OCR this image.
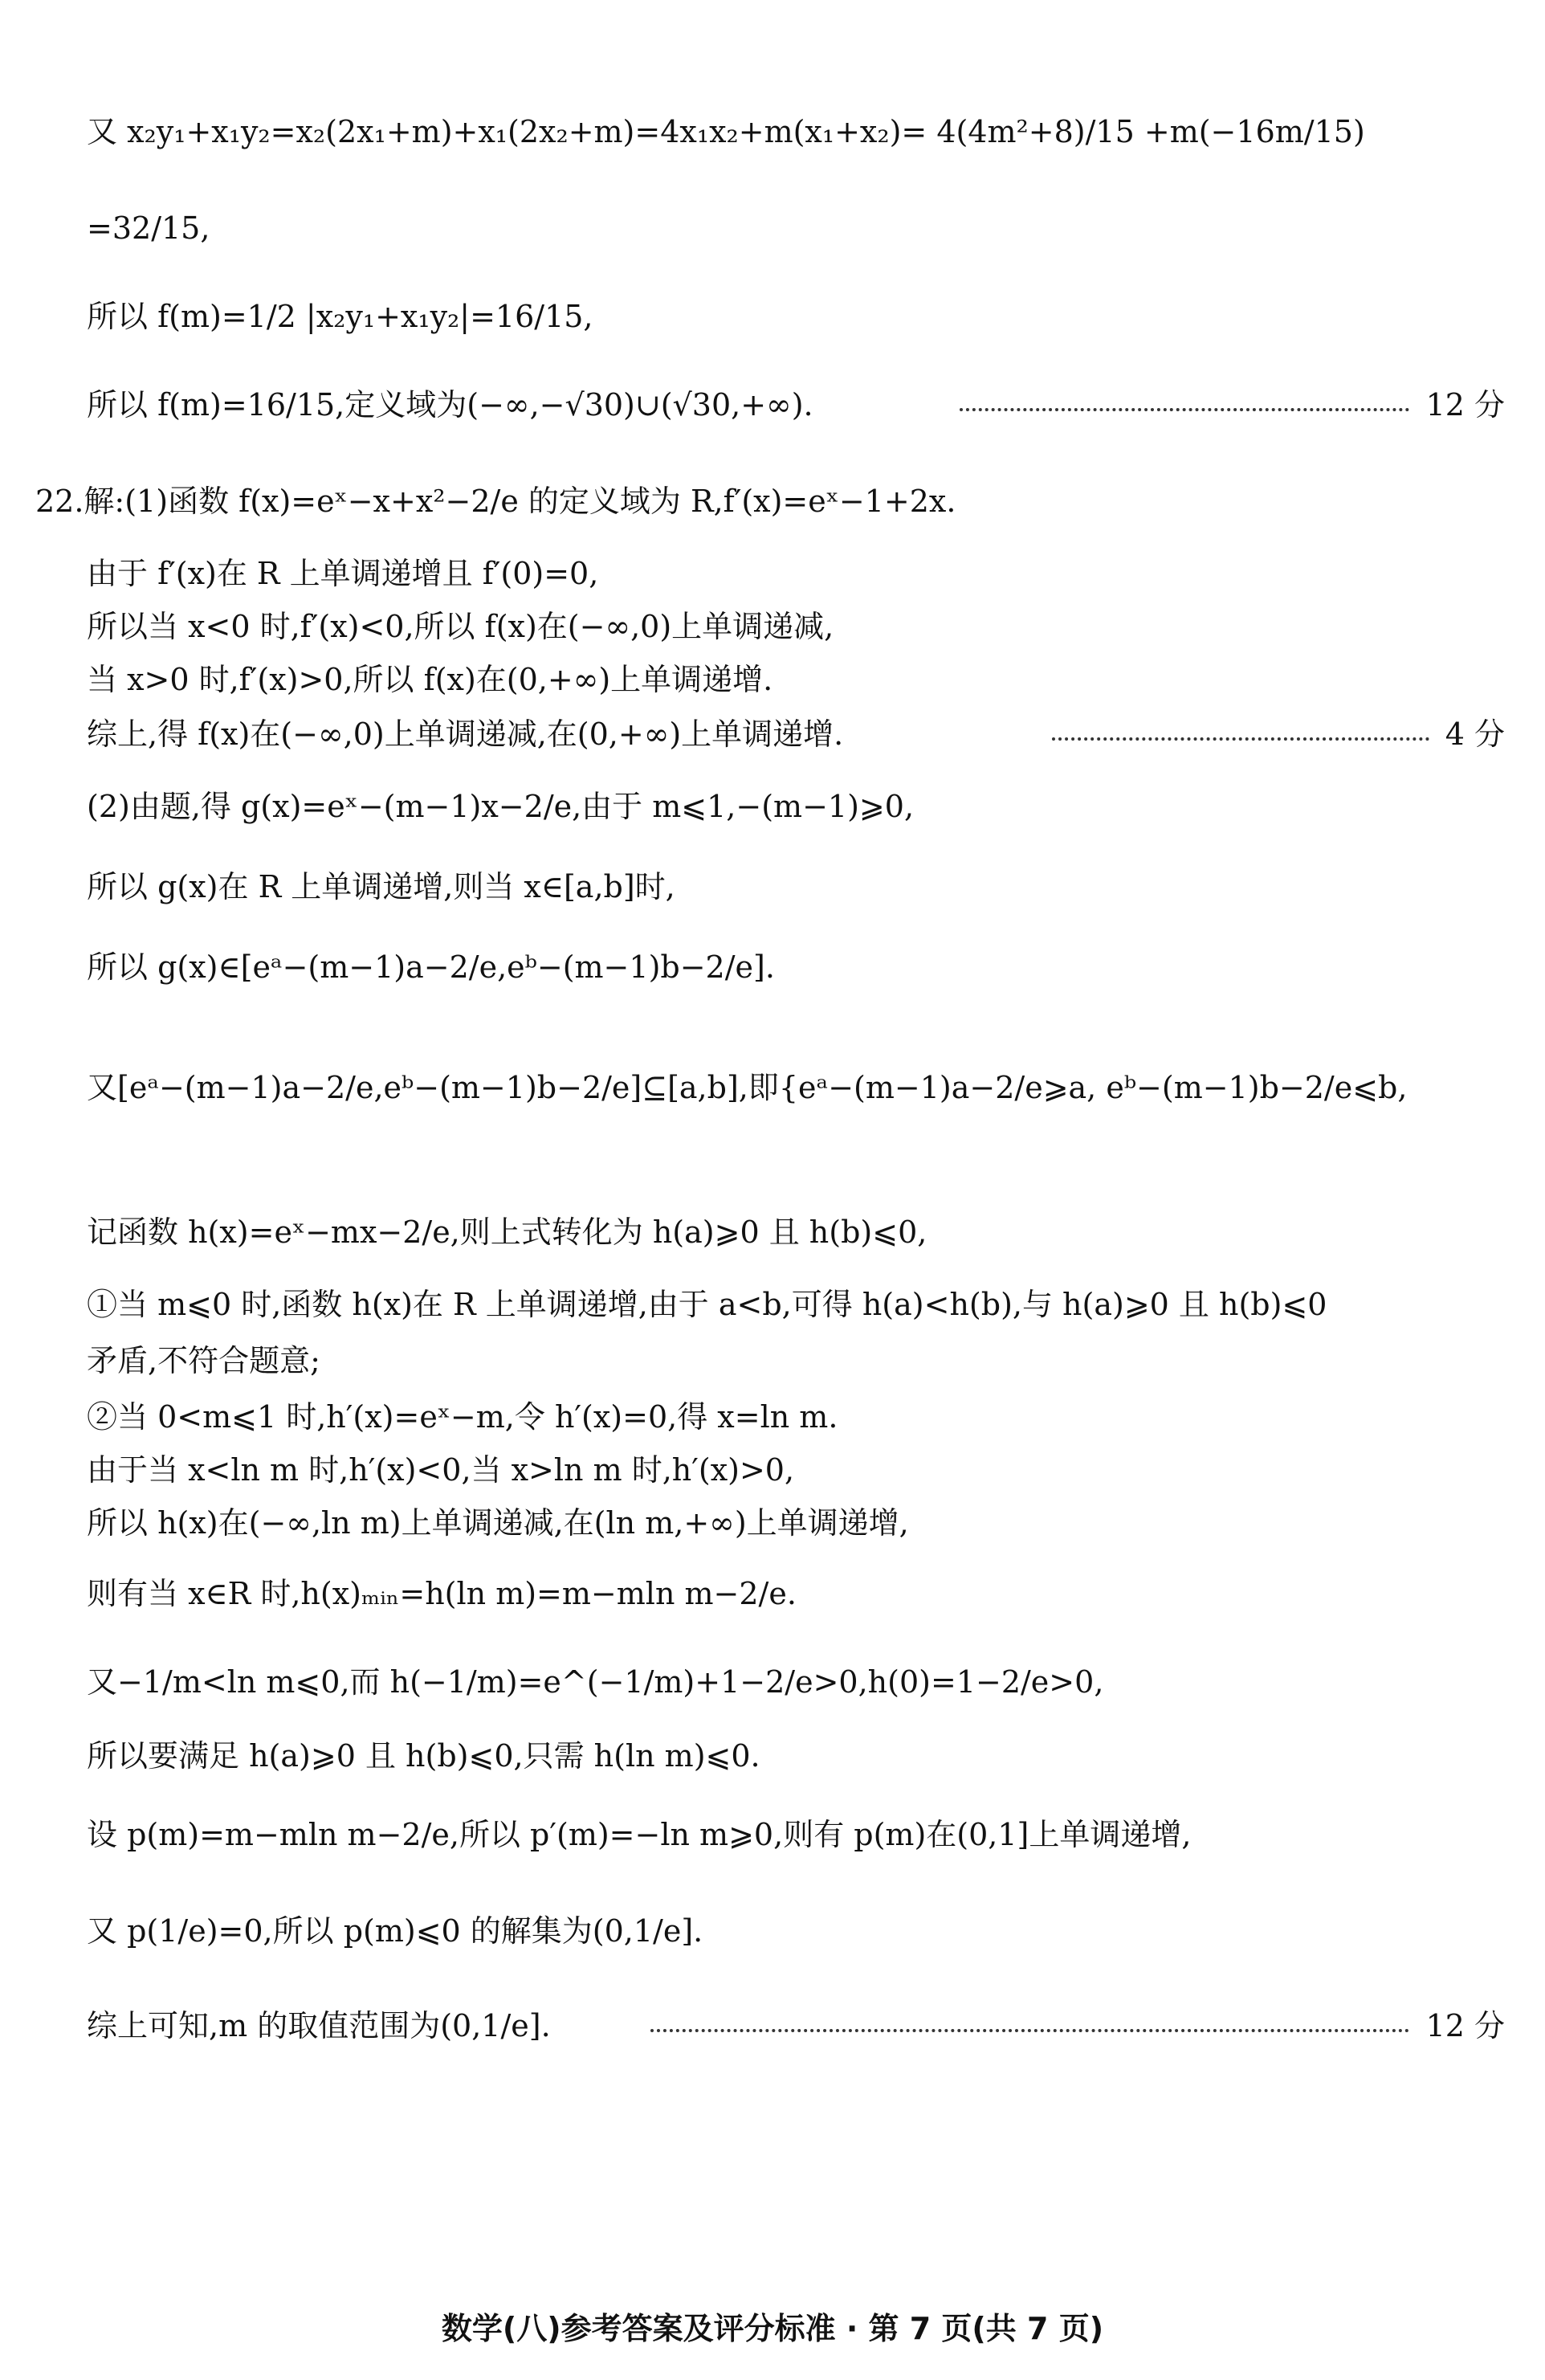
又 x₂y₁+x₁y₂=x₂(2x₁+m)+x₁(2x₂+m)=4x₁x₂+m(x₁+x₂)= 4(4m²+8)/15 +m(−16m/15)
=32/15,
所以 f(m)=1/2 |x₂y₁+x₁y₂|=16/15,
所以 f(m)=16/15,定义域为(−∞,−√30)∪(√30,+∞).	12 分
22.解:(1)函数 f(x)=eˣ−x+x²−2/e 的定义域为 R,f′(x)=eˣ−1+2x.
由于 f′(x)在 R 上单调递增且 f′(0)=0,
所以当 x<0 时,f′(x)<0,所以 f(x)在(−∞,0)上单调递减,
当 x>0 时,f′(x)>0,所以 f(x)在(0,+∞)上单调递增.
综上,得 f(x)在(−∞,0)上单调递减,在(0,+∞)上单调递增.	4 分
(2)由题,得 g(x)=eˣ−(m−1)x−2/e,由于 m⩽1,−(m−1)⩾0,
所以 g(x)在 R 上单调递增,则当 x∈[a,b]时,
所以 g(x)∈[eᵃ−(m−1)a−2/e,eᵇ−(m−1)b−2/e].
又[eᵃ−(m−1)a−2/e,eᵇ−(m−1)b−2/e]⊆[a,b],即{eᵃ−(m−1)a−2/e⩾a, eᵇ−(m−1)b−2/e⩽b,
记函数 h(x)=eˣ−mx−2/e,则上式转化为 h(a)⩾0 且 h(b)⩽0,
①当 m⩽0 时,函数 h(x)在 R 上单调递增,由于 a<b,可得 h(a)<h(b),与 h(a)⩾0 且 h(b)⩽0
矛盾,不符合题意;
②当 0<m⩽1 时,h′(x)=eˣ−m,令 h′(x)=0,得 x=ln m.
由于当 x<ln m 时,h′(x)<0,当 x>ln m 时,h′(x)>0,
所以 h(x)在(−∞,ln m)上单调递减,在(ln m,+∞)上单调递增,
则有当 x∈R 时,h(x)ₘᵢₙ=h(ln m)=m−mln m−2/e.
又−1/m<ln m⩽0,而 h(−1/m)=e^(−1/m)+1−2/e>0,h(0)=1−2/e>0,
所以要满足 h(a)⩾0 且 h(b)⩽0,只需 h(ln m)⩽0.
设 p(m)=m−mln m−2/e,所以 p′(m)=−ln m⩾0,则有 p(m)在(0,1]上单调递增,
又 p(1/e)=0,所以 p(m)⩽0 的解集为(0,1/e].
综上可知,m 的取值范围为(0,1/e].	12 分
数学(八)参考答案及评分标准 · 第 7 页(共 7 页)
